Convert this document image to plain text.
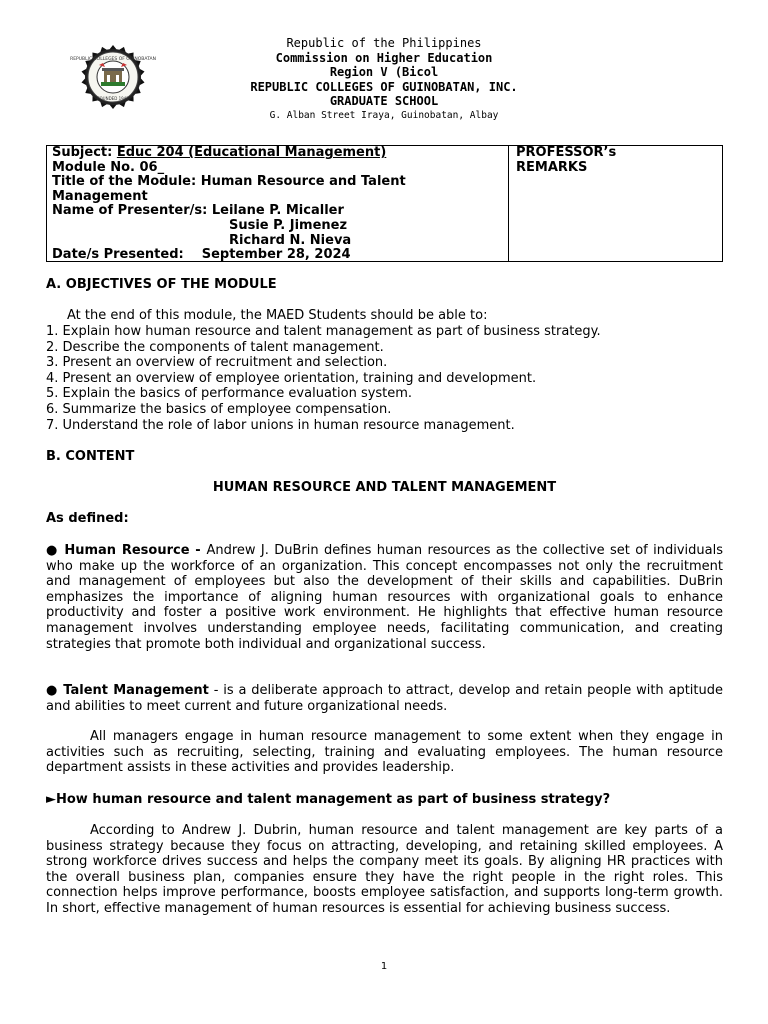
REPUBLIC COLLEGES OF GUINOBATAN
FOUNDED 1947
Republic of the Philippines
Commission on Higher Education
Region V (Bicol
REPUBLIC COLLEGES OF GUINOBATAN, INC.
GRADUATE SCHOOL
G. Alban Street Iraya, Guinobatan, Albay
Subject: Educ 204 (Educational Management)
Module No. 06_
Title of the Module: Human Resource and Talent
Management
Name of Presenter/s: Leilane P. Micaller
Susie P. Jimenez
Richard N. Nieva
Date/s Presented: September 28, 2024
PROFESSOR’s
REMARKS
A. OBJECTIVES OF THE MODULE
At the end of this module, the MAED Students should be able to:
1. Explain how human resource and talent management as part of business strategy.
2. Describe the components of talent management.
3. Present an overview of recruitment and selection.
4. Present an overview of employee orientation, training and development.
5. Explain the basics of performance evaluation system.
6. Summarize the basics of employee compensation.
7. Understand the role of labor unions in human resource management.
B. CONTENT
HUMAN RESOURCE AND TALENT MANAGEMENT
As defined:
● Human Resource - Andrew J. DuBrin defines human resources as the collective set of individuals who make up the workforce of an organization. This concept encompasses not only the recruitment and management of employees but also the development of their skills and capabilities. DuBrin emphasizes the importance of aligning human resources with organizational goals to enhance productivity and foster a positive work environment. He highlights that effective human resource management involves understanding employee needs, facilitating communication, and creating strategies that promote both individual and organizational success.
● Talent Management - is a deliberate approach to attract, develop and retain people with aptitude and abilities to meet current and future organizational needs.
All managers engage in human resource management to some extent when they engage in activities such as recruiting, selecting, training and evaluating employees. The human resource department assists in these activities and provides leadership.
►How human resource and talent management as part of business strategy?
According to Andrew J. Dubrin, human resource and talent management are key parts of a business strategy because they focus on attracting, developing, and retaining skilled employees. A strong workforce drives success and helps the company meet its goals. By aligning HR practices with the overall business plan, companies ensure they have the right people in the right roles. This connection helps improve performance, boosts employee satisfaction, and supports long-term growth. In short, effective management of human resources is essential for achieving business success.
1
